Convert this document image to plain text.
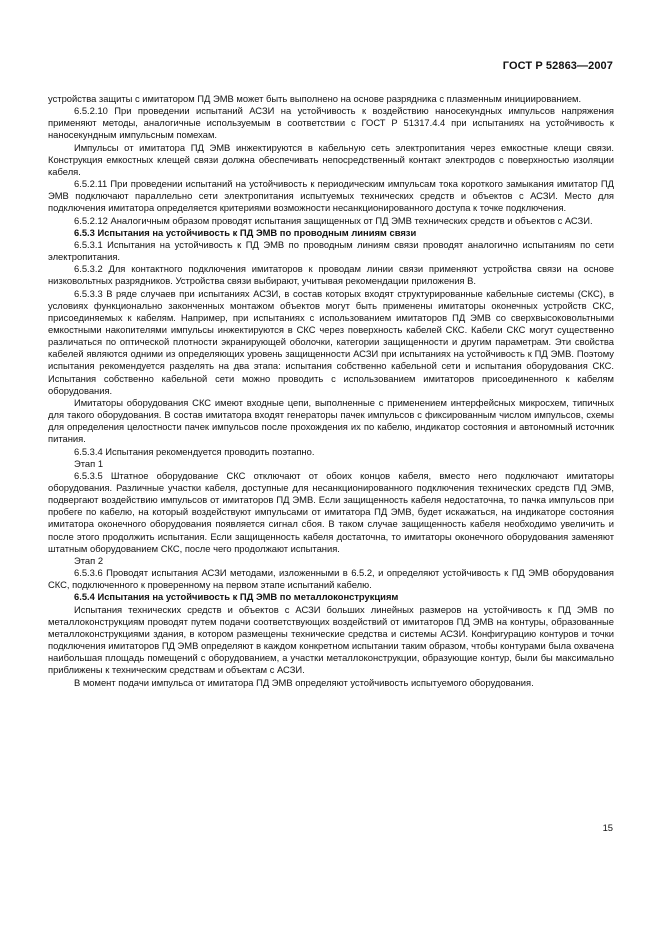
ГОСТ Р 52863—2007

устройства защиты с имитатором ПД ЭМВ может быть выполнено на основе разрядника с плазменным инициированием.

6.5.2.10 При проведении испытаний АСЗИ на устойчивость к воздействию наносекундных импульсов напряжения применяют методы, аналогичные используемым в соответствии с ГОСТ Р 51317.4.4 при испытаниях на устойчивость к наносекундным импульсным помехам.

Импульсы от имитатора ПД ЭМВ инжектируются в кабельную сеть электропитания через емкостные клещи связи. Конструкция емкостных клещей связи должна обеспечивать непосредственный контакт электродов с поверхностью изоляции кабеля.

6.5.2.11 При проведении испытаний на устойчивость к периодическим импульсам тока короткого замыкания имитатор ПД ЭМВ подключают параллельно сети электропитания испытуемых технических средств и объектов с АСЗИ. Место для подключения имитатора определяется критериями возможности несанкционированного доступа к точке подключения.

6.5.2.12 Аналогичным образом проводят испытания защищенных от ПД ЭМВ технических средств и объектов с АСЗИ.

6.5.3 Испытания на устойчивость к ПД ЭМВ по проводным линиям связи

6.5.3.1 Испытания на устойчивость к ПД ЭМВ по проводным линиям связи проводят аналогично испытаниям по сети электропитания.

6.5.3.2 Для контактного подключения имитаторов к проводам линии связи применяют устройства связи на основе низковольтных разрядников. Устройства связи выбирают, учитывая рекомендации приложения В.

6.5.3.3 В ряде случаев при испытаниях АСЗИ, в состав которых входят структурированные кабельные системы (СКС), в условиях функционально законченных монтажом объектов могут быть применены имитаторы оконечных устройств СКС, присоединяемых к кабелям. Например, при испытаниях с использованием имитаторов ПД ЭМВ со сверхвысоковольтными емкостными накопителями импульсы инжектируются в СКС через поверхность кабелей СКС. Кабели СКС могут существенно различаться по оптической плотности экранирующей оболочки, категории защищенности и другим параметрам. Эти свойства кабелей являются одними из определяющих уровень защищенности АСЗИ при испытаниях на устойчивость к ПД ЭМВ. Поэтому испытания рекомендуется разделять на два этапа: испытания собственно кабельной сети и испытания оборудования СКС. Испытания собственно кабельной сети можно проводить с использованием имитаторов присоединенного к кабелям оборудования.

Имитаторы оборудования СКС имеют входные цепи, выполненные с применением интерфейсных микросхем, типичных для такого оборудования. В состав имитатора входят генераторы пачек импульсов с фиксированным числом импульсов, схемы для определения целостности пачек импульсов после прохождения их по кабелю, индикатор состояния и автономный источник питания.

6.5.3.4 Испытания рекомендуется проводить поэтапно.

Этап 1

6.5.3.5 Штатное оборудование СКС отключают от обоих концов кабеля, вместо него подключают имитаторы оборудования. Различные участки кабеля, доступные для несанкционированного подключения технических средств ПД ЭМВ, подвергают воздействию импульсов от имитаторов ПД ЭМВ. Если защищенность кабеля недостаточна, то пачка импульсов при пробеге по кабелю, на который воздействуют импульсами от имитатора ПД ЭМВ, будет искажаться, на индикаторе состояния имитатора оконечного оборудования появляется сигнал сбоя. В таком случае защищенность кабеля необходимо увеличить и после этого продолжить испытания. Если защищенность кабеля достаточна, то имитаторы оконечного оборудования заменяют штатным оборудованием СКС, после чего продолжают испытания.

Этап 2

6.5.3.6 Проводят испытания АСЗИ методами, изложенными в 6.5.2, и определяют устойчивость к ПД ЭМВ оборудования СКС, подключенного к проверенному на первом этапе испытаний кабелю.

6.5.4 Испытания на устойчивость к ПД ЭМВ по металлоконструкциям

Испытания технических средств и объектов с АСЗИ больших линейных размеров на устойчивость к ПД ЭМВ по металлоконструкциям проводят путем подачи соответствующих воздействий от имитаторов ПД ЭМВ на контуры, образованные металлоконструкциями здания, в котором размещены технические средства и системы АСЗИ. Конфигурацию контуров и точки подключения имитаторов ПД ЭМВ определяют в каждом конкретном испытании таким образом, чтобы контурами была охвачена наибольшая площадь помещений с оборудованием, а участки металлоконструкции, образующие контур, были бы максимально приближены к техническим средствам и объектам с АСЗИ.

В момент подачи импульса от имитатора ПД ЭМВ определяют устойчивость испытуемого оборудования.

15
